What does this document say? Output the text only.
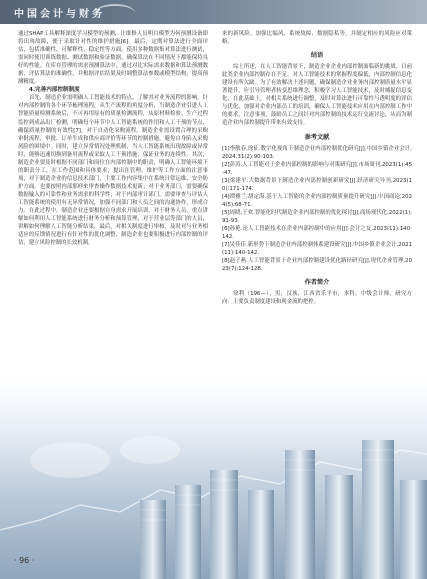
中国会计与财务

通过SHAP工具解释深度学习模型的预测，让维修人员明白模型为何预测设备即将出现故障，便于采取针对性的维护措施[6]。最后，定期对算法进行全面评估，包括准确性、可解释性、稳定性等方面。使用多种数据集对算法进行测试，需同时使用训练数据、测试数据和验证数据，确保算法在不同情况下都能保持良好的性能。在库存管理的需求预测算法中，通过对比实际需求数据和算法预测数据，评估算法的准确性，并根据评估结果及时调整算法参数或模型结构，提高预测精度。

4.完善内部控制制度

首先，制造企业需明确人工智能技术的特点，了解其对业务流程的影响，针对内部控制的各个环节梳理流程，从生产流程的角度分析，当制造企业引进人工智能质量检测系统后，不可再用原有的质量检测流程，从原材料检验、生产过程监控到成品出厂检测，明确每个环节中人工智能系统的作用和人工干预的节点，确保质量控制的有效性[7]。对于自动化采购流程，制造企业需设置合理的采购审批流程，审批、订单生成和供应商评价等环节的控制措施，避免自身陷入采购风险的困境中。同时，建立异常情况处理机制，当人工智能系统出现故障或异常时，能够迅速切换到备用流程或采取人工干预措施，保证业务的连续性。其次，制造企业要及时根据不同部门和岗位在内部控制中的职责，明确人工智能环境下的职责分工，在工作范围和具体要求，提出在管理、维护等工作方面的注意事项，对于制造企业的信息技术部门，主要工作内容集中在系统日常运维、安全防护方面。也要按照内部那样来审查操作数据技术更新；对于业务部门，需要确保数据输入的可靠性和业务需求的科学性；对于内部审计部门，需要审查与评估人工智能系统的使用有无异常情况，加强不同部门和人员之间的沟通协作，形成合力。在此过程中，制造企业还要根据自身需求开展培训，对于财务人员，重点讲解如何利用人工智能系统进行财务分析和预算管理，对于营业层等部门的人员，讲解如何理解人工智能分析结果。最后，对相关制度进行审核，及时对与业务相适应的反馈情况进行有针对性的优化调整，制造企业也要积极进行内部控制的评估，建立风险控制的长效机制。

来的新风险、加强比编风、系统故障、数据隐私等，并制定相应的风险应对策略。

结语

综上所述，在人工智能背景下，制造企业企业内部控制面临新的挑战。目前此类企业内部控制存在不足，对人工智能技术的掌握程度偏低，内部控制信息化建设有所欠缺。为了有效解决上述问题，确保制造企业业务内部控制质量水平显著提升，应引导管理者转变思维理念，积极学习人工智能技术，及时捕捉信息变化，在此基础上，对相关系统进行调整，及时对算法进行可靠性与透明度的评估与优化，加强对企业内部员工的培训，确保人工智能技术应用在内部控制工作中的要求，注意事项，鼓励员工之间针对内部控制的技术运行交流讨论，从而为制造企业内部控制提升带来有效支持。

参考文献

[1]李敏春,徐征.数字化视角下制造企业内部控制优化研究[J].中国乡镇企业会计,2024,31(2):90-103.

[2]彭涛.人工智能对于企业内部控制的影响与对策研究[J].市场周刊,2023(1):45-47.

[3]梁建平.大数据背景下制造企业内部控制创新研究[J].经济研究导刊,2023(10):171-174.

[4]谭雅兰,胡定海.基于人工智能的企业内部控制质量提升研究[J].中国商论,2024(5):68-71.

[5]周晓,王欢.智能化时代制造企业内部控制的优化探讨[J].商场现代化,2022(1):91-93.

[6]孙艳.论人工智能技术在企业内部控制中的应用[J].会计之友,2023(11):140-142.

[7]吴佳佳.新形势下制造企业内部控制体系建设研究[J].中国乡镇企业会计,2021(11):140-142.

[8]赵子燕.人工智能背景下企业内部控制建设优化路径研究[J].现代企业管理,2023(7):124-128.

作者简介

徐利（196—），男，汉族，江西省乐平市，本科，中级会计师，研究方向：主要负责制度建设和现金流的把控。

· 96 ·
